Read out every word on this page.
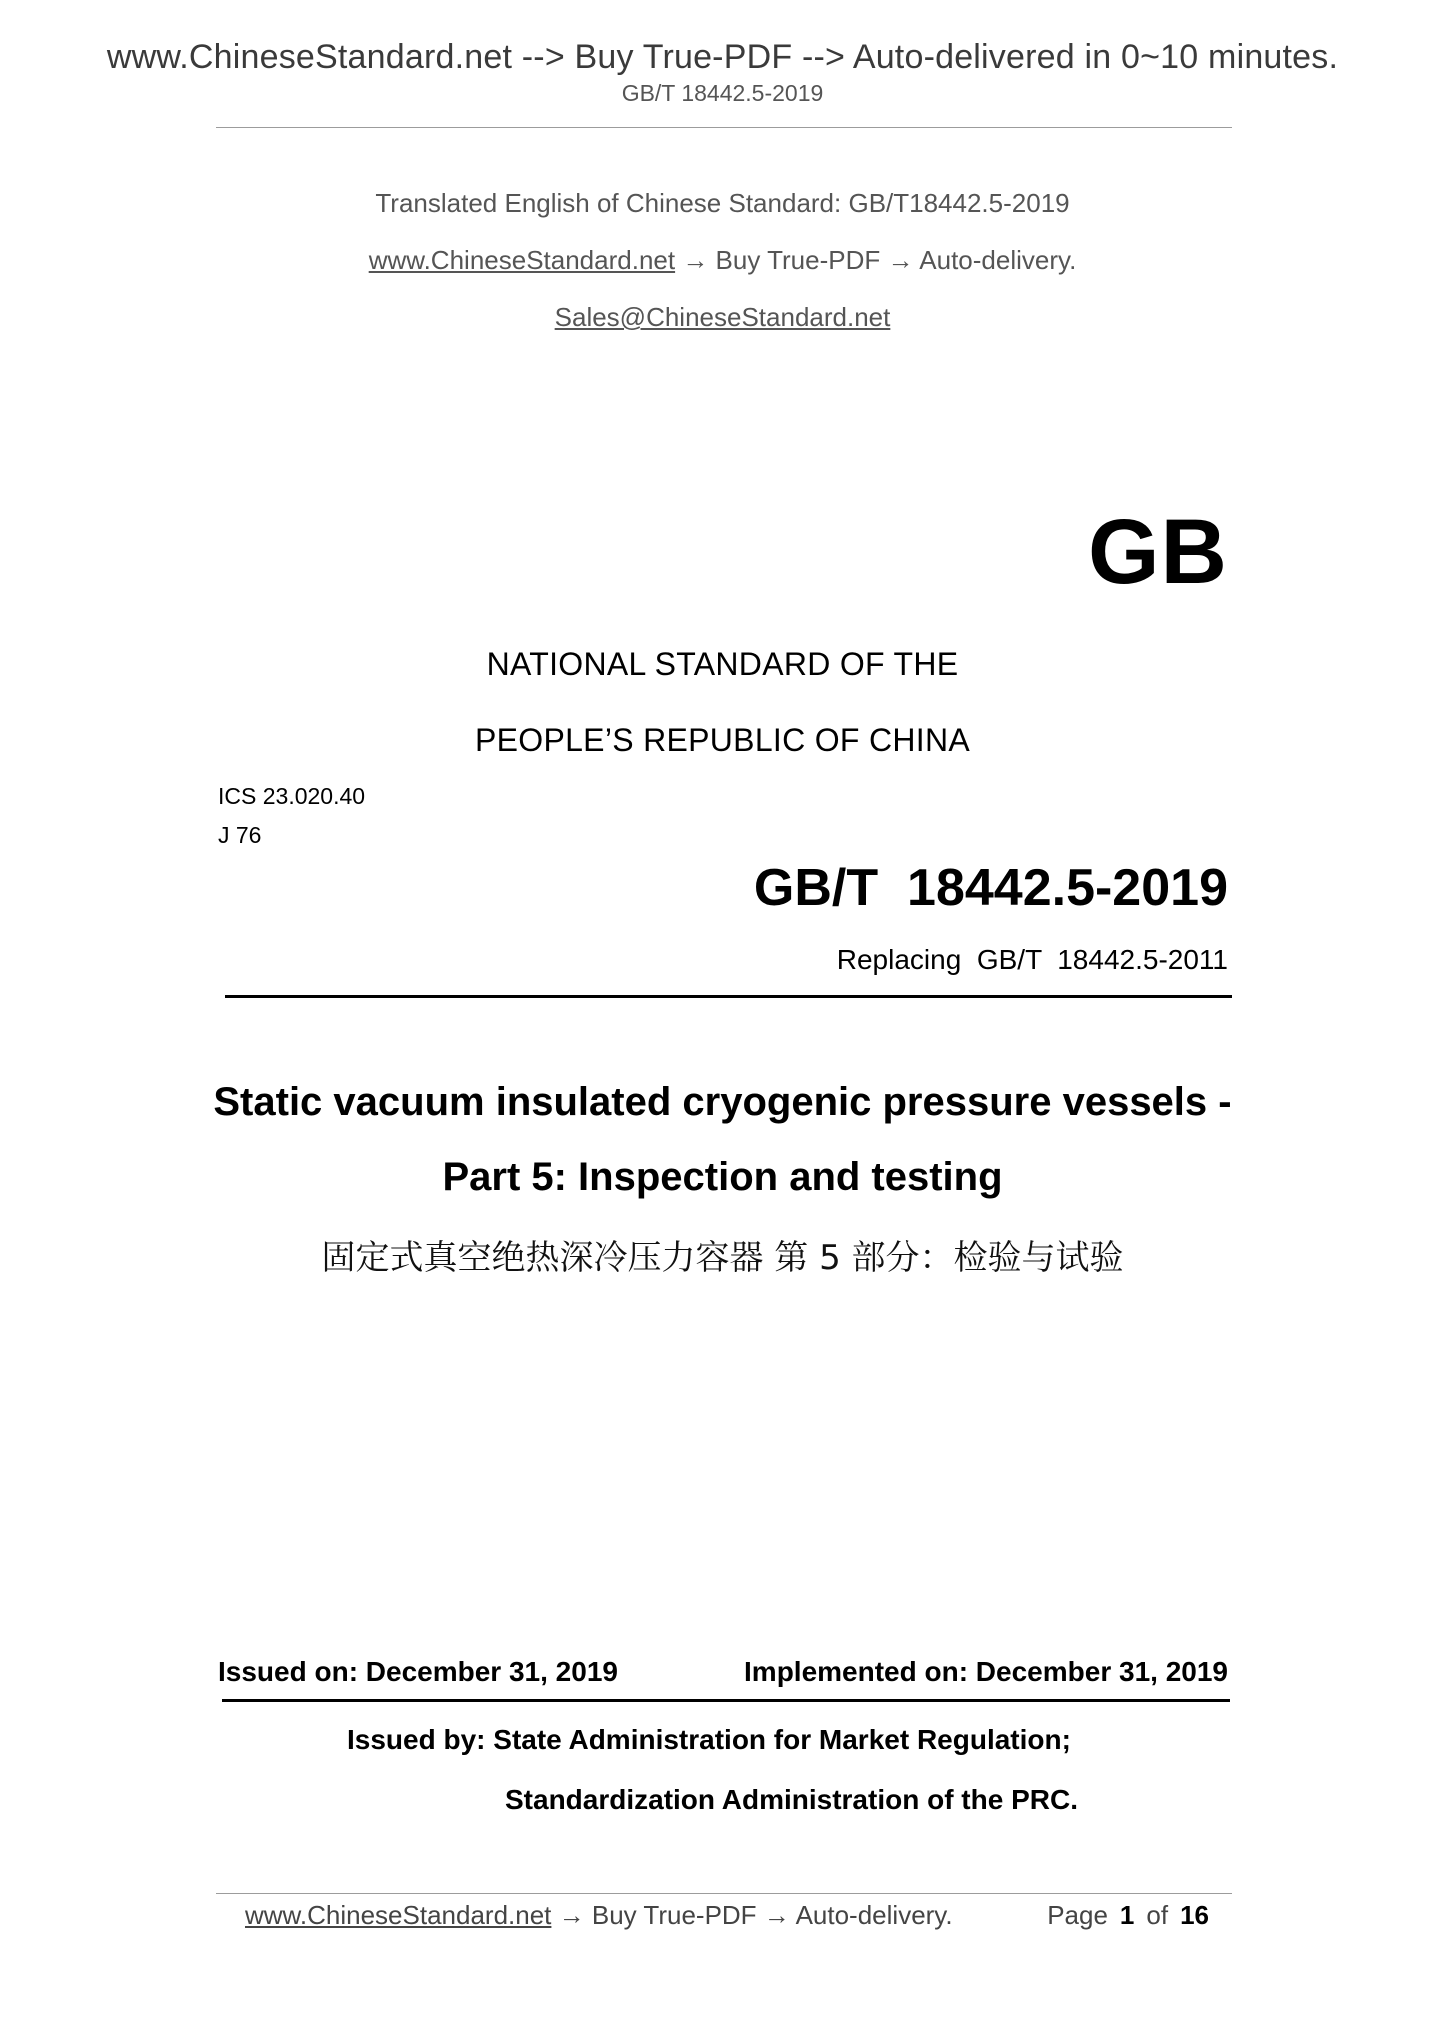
www.ChineseStandard.net --> Buy True-PDF --> Auto-delivered in 0~10 minutes.
GB/T 18442.5-2019
Translated English of Chinese Standard: GB/T18442.5-2019
www.ChineseStandard.net → Buy True-PDF → Auto-delivery.
Sales@ChineseStandard.net
GB
NATIONAL STANDARD OF THE
PEOPLE’S REPUBLIC OF CHINA
ICS 23.020.40
J 76
GB/T  18442.5-2019
Replacing  GB/T  18442.5-2011
Static vacuum insulated cryogenic pressure vessels -
Part 5: Inspection and testing
固定式真空绝热深冷压力容器 第 5 部分：检验与试验
Issued on: December 31, 2019	Implemented on: December 31, 2019
Issued by: State Administration for Market Regulation;
Standardization Administration of the PRC.
www.ChineseStandard.net → Buy True-PDF → Auto-delivery.	Page 1 of 16
